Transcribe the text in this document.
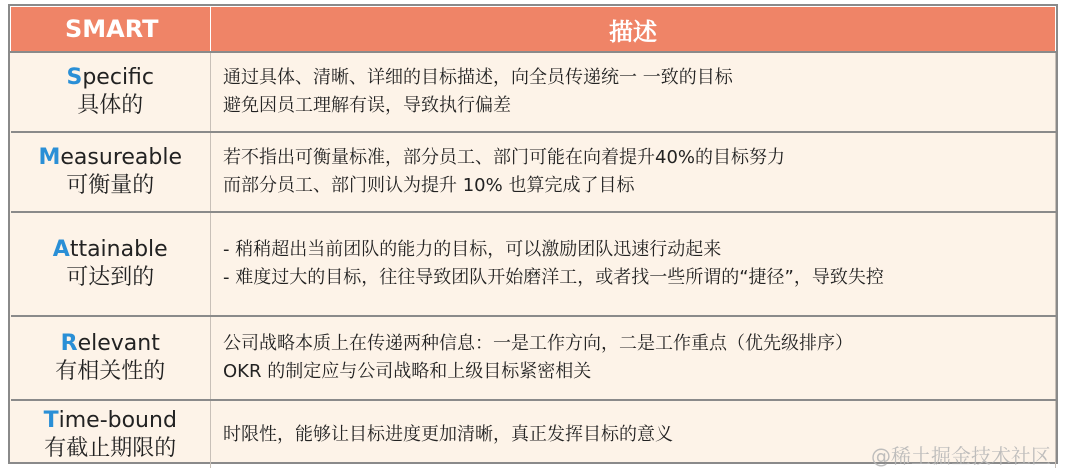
SMART	描述

Specific
具体的	通过具体、清晰、详细的目标描述，向全员传递统一 一致的目标
避免因员工理解有误，导致执行偏差

Measureable
可衡量的	若不指出可衡量标准，部分员工、部门可能在向着提升40%的目标努力
而部分员工、部门则认为提升 10% 也算完成了目标

Attainable
可达到的	- 稍稍超出当前团队的能力的目标，可以激励团队迅速行动起来
- 难度过大的目标，往往导致团队开始磨洋工，或者找一些所谓的“捷径”，导致失控

Relevant
有相关性的	公司战略本质上在传递两种信息：一是工作方向，二是工作重点（优先级排序）
OKR 的制定应与公司战略和上级目标紧密相关

Time-bound
有截止期限的	时限性，能够让目标进度更加清晰，真正发挥目标的意义
@稀土掘金技术社区
